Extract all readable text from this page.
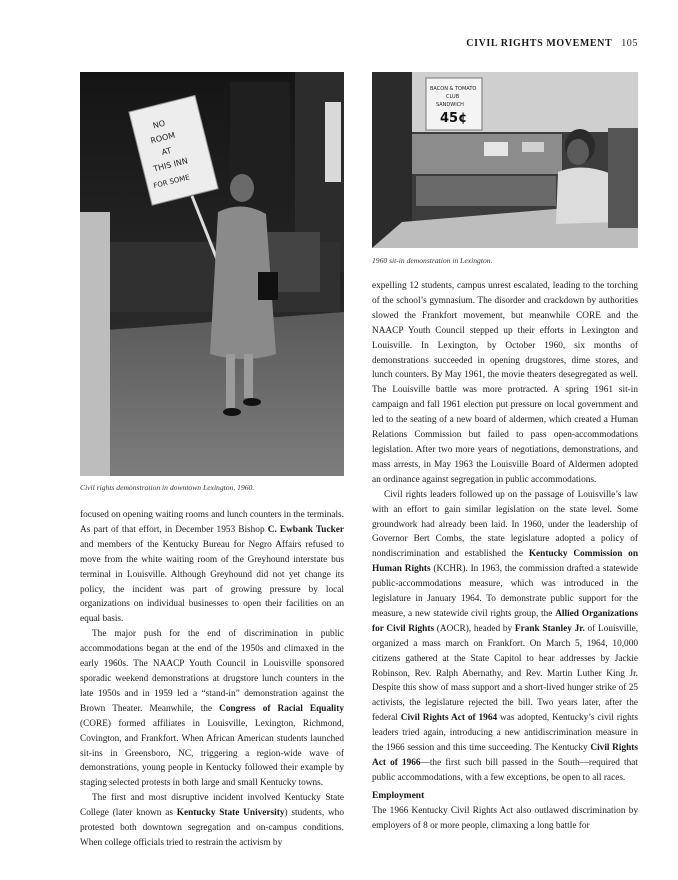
CIVIL RIGHTS MOVEMENT 105
NO
ROOM
AT
THIS INN
FOR SOME
Civil rights demonstration in downtown Lexington, 1960.
BACON & TOMATO
CLUB
SANDWICH
45¢
1960 sit-in demonstration in Lexington.

focused on opening waiting rooms and lunch counters in the terminals. As part of that effort, in December 1953 Bishop C. Ewbank Tucker and members of the Kentucky Bureau for Negro Affairs refused to move from the white waiting room of the Greyhound interstate bus terminal in Louisville. Although Greyhound did not yet change its policy, the incident was part of growing pressure by local organizations on individual businesses to open their facilities on an equal basis.

The major push for the end of discrimination in public accommodations began at the end of the 1950s and climaxed in the early 1960s. The NAACP Youth Council in Louisville sponsored sporadic weekend demonstrations at drugstore lunch counters in the late 1950s and in 1959 led a “stand-in” demonstration against the Brown Theater. Meanwhile, the Congress of Racial Equality (CORE) formed affiliates in Louisville, Lexington, Richmond, Covington, and Frankfort. When African American students launched sit-ins in Greensboro, NC, triggering a region-wide wave of demonstrations, young people in Kentucky followed their example by staging selected protests in both large and small Kentucky towns.

The first and most disruptive incident involved Kentucky State College (later known as Kentucky State University) students, who protested both downtown segregation and on-campus conditions. When college officials tried to restrain the activism by

expelling 12 students, campus unrest escalated, leading to the torching of the school’s gymnasium. The disorder and crackdown by authorities slowed the Frankfort movement, but meanwhile CORE and the NAACP Youth Council stepped up their efforts in Lexington and Louisville. In Lexington, by October 1960, six months of demonstrations succeeded in opening drugstores, dime stores, and lunch counters. By May 1961, the movie theaters desegregated as well. The Louisville battle was more protracted. A spring 1961 sit-in campaign and fall 1961 election put pressure on local government and led to the seating of a new board of aldermen, which created a Human Relations Commission but failed to pass open-accommodations legislation. After two more years of negotiations, demonstrations, and mass arrests, in May 1963 the Louisville Board of Aldermen adopted an ordinance against segregation in public accommodations.

Civil rights leaders followed up on the passage of Louisville’s law with an effort to gain similar legislation on the state level. Some groundwork had already been laid. In 1960, under the leadership of Governor Bert Combs, the state legislature adopted a policy of nondiscrimination and established the Kentucky Commission on Human Rights (KCHR). In 1963, the commission drafted a statewide public-accommodations measure, which was introduced in the legislature in January 1964. To demonstrate public support for the measure, a new statewide civil rights group, the Allied Organizations for Civil Rights (AOCR), headed by Frank Stanley Jr. of Louisville, organized a mass march on Frankfort. On March 5, 1964, 10,000 citizens gathered at the State Capitol to hear addresses by Jackie Robinson, Rev. Ralph Abernathy, and Rev. Martin Luther King Jr. Despite this show of mass support and a short-lived hunger strike of 25 activists, the legislature rejected the bill. Two years later, after the federal Civil Rights Act of 1964 was adopted, Kentucky’s civil rights leaders tried again, introducing a new antidiscrimination measure in the 1966 session and this time succeeding. The Kentucky Civil Rights Act of 1966—the first such bill passed in the South—required that public accommodations, with a few exceptions, be open to all races.

Employment

The 1966 Kentucky Civil Rights Act also outlawed discrimination by employers of 8 or more people, climaxing a long battle for
